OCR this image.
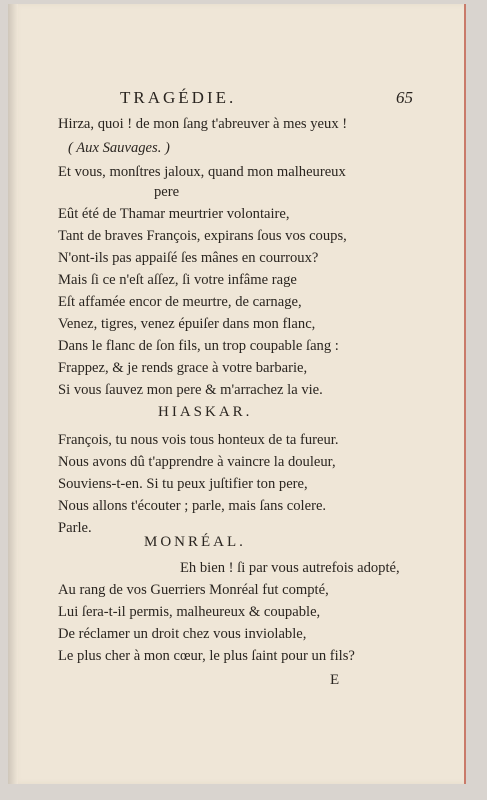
TRAGÉDIE.	65
Hirza, quoi ! de mon ſang t'abreuver à mes yeux !
( Aux Sauvages. )
Et vous, monſtres jaloux, quand mon malheureux
pere
Eût été de Thamar meurtrier volontaire,
Tant de braves François, expirans ſous vos coups,
N'ont-ils pas appaiſé ſes mânes en courroux?
Mais ſi ce n'eſt aſſez, ſi votre infâme rage
Eſt affamée encor de meurtre, de carnage,
Venez, tigres, venez épuiſer dans mon flanc,
Dans le flanc de ſon fils, un trop coupable ſang :
Frappez, & je rends grace à votre barbarie,
Si vous ſauvez mon pere & m'arrachez la vie.
HIASKAR.
François, tu nous vois tous honteux de ta fureur.
Nous avons dû t'apprendre à vaincre la douleur,
Souviens-t-en. Si tu peux juſtifier ton pere,
Nous allons t'écouter ; parle, mais ſans colere.
Parle.
MONRÉAL.
Eh bien ! ſi par vous autrefois adopté,
Au rang de vos Guerriers Monréal fut compté,
Lui ſera-t-il permis, malheureux & coupable,
De réclamer un droit chez vous inviolable,
Le plus cher à mon cœur, le plus ſaint pour un fils?
E
